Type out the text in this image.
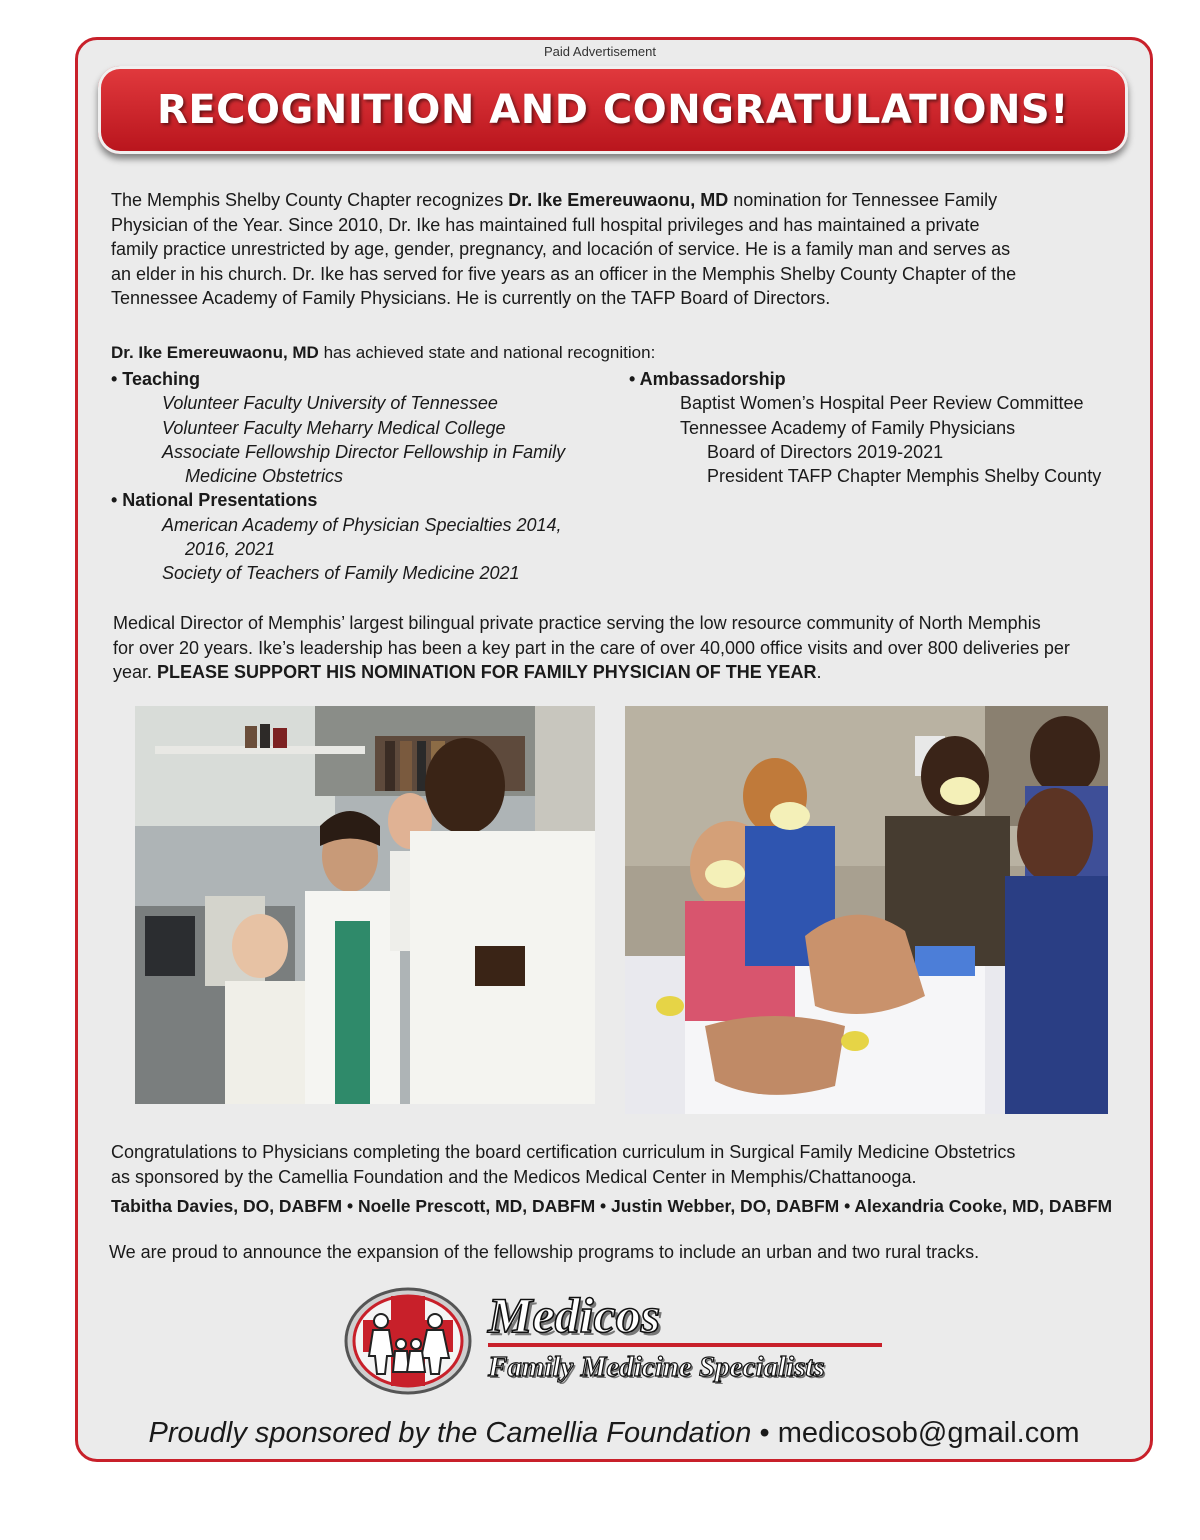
Paid Advertisement
RECOGNITION AND CONGRATULATIONS!
The Memphis Shelby County Chapter recognizes Dr. Ike Emereuwaonu, MD nomination for Tennessee Family
Physician of the Year. Since 2010, Dr. Ike has maintained full hospital privileges and has maintained a private
family practice unrestricted by age, gender, pregnancy, and locación of service. He is a family man and serves as
an elder in his church. Dr. Ike has served for five years as an officer in the Memphis Shelby County Chapter of the
Tennessee Academy of Family Physicians. He is currently on the TAFP Board of Directors.
Dr. Ike Emereuwaonu, MD has achieved state and national recognition:
• Teaching
Volunteer Faculty University of Tennessee
Volunteer Faculty Meharry Medical College
Associate Fellowship Director Fellowship in Family
Medicine Obstetrics
• National Presentations
American Academy of Physician Specialties 2014,
2016, 2021
Society of Teachers of Family Medicine 2021
• Ambassadorship
Baptist Women’s Hospital Peer Review Committee
Tennessee Academy of Family Physicians
Board of Directors 2019-2021
President TAFP Chapter Memphis Shelby County
Medical Director of Memphis’ largest bilingual private practice serving the low resource community of North Memphis
for over 20 years. Ike’s leadership has been a key part in the care of over 40,000 office visits and over 800 deliveries per
year. PLEASE SUPPORT HIS NOMINATION FOR FAMILY PHYSICIAN OF THE YEAR.
Congratulations to Physicians completing the board certification curriculum in Surgical Family Medicine Obstetrics
as sponsored by the Camellia Foundation and the Medicos Medical Center in Memphis/Chattanooga.
Tabitha Davies, DO, DABFM • Noelle Prescott, MD, DABFM • Justin Webber, DO, DABFM • Alexandria Cooke, MD, DABFM
We are proud to announce the expansion of the fellowship programs to include an urban and two rural tracks.
Medicos
Family Medicine Specialists
Proudly sponsored by the Camellia Foundation • medicosob@gmail.com
